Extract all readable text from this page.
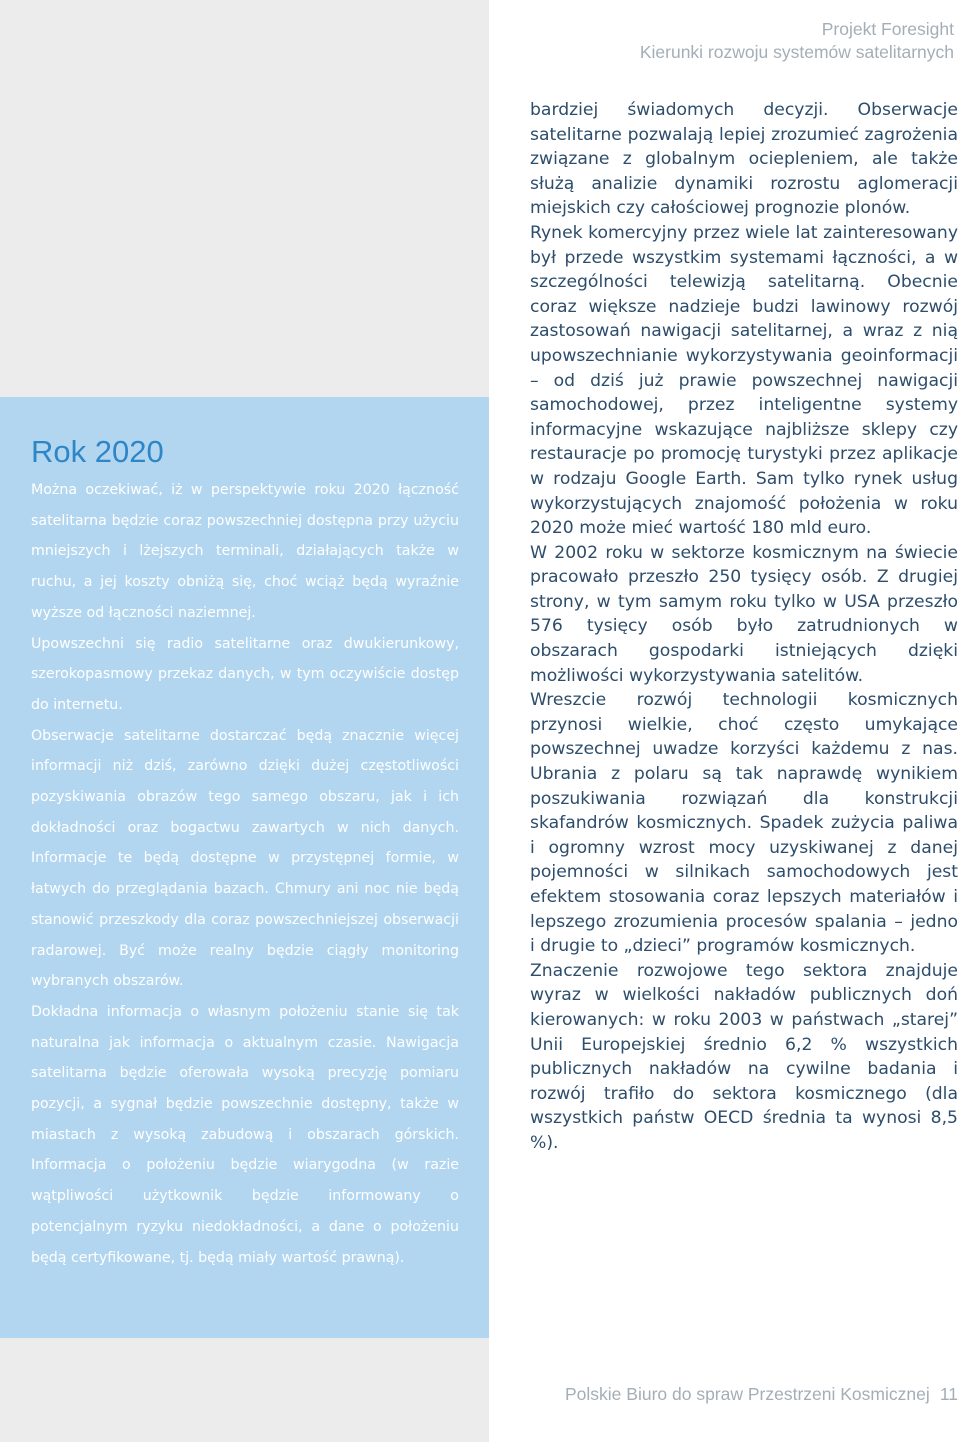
Rok 2020

Można oczekiwać, iż w perspektywie roku 2020 łączność satelitarna będzie coraz powszechniej dostępna przy użyciu mniejszych i lżejszych terminali, działających także w ruchu, a jej koszty obniżą się, choć wciąż będą wyraźnie wyższe od łączności naziemnej.

Upowszechni się radio satelitarne oraz dwukierunkowy, szerokopasmowy przekaz danych, w tym oczywiście dostęp do internetu.

Obserwacje satelitarne dostarczać będą znacznie więcej informacji niż dziś, zarówno dzięki dużej częstotliwości pozyskiwania obrazów tego samego obszaru, jak i ich dokładności oraz bogactwu zawartych w nich danych. Informacje te będą dostępne w przystępnej formie, w łatwych do przeglądania bazach. Chmury ani noc nie będą stanowić przeszkody dla coraz powszechniejszej obserwacji radarowej. Być może realny będzie ciągły monitoring wybranych obszarów.

Dokładna informacja o własnym położeniu stanie się tak naturalna jak informacja o aktualnym czasie. Nawigacja satelitarna będzie oferowała wysoką precyzję pomiaru pozycji, a sygnał będzie powszechnie dostępny, także w miastach z wysoką zabudową i obszarach górskich. Informacja o położeniu będzie wiarygodna (w razie wątpliwości użytkownik będzie informowany o potencjalnym ryzyku niedokładności, a dane o położeniu będą certyfikowane, tj. będą miały wartość prawną).

Projekt Foresight
Kierunki rozwoju systemów satelitarnych

bardziej świadomych decyzji. Obserwacje satelitarne pozwalają lepiej zrozumieć zagrożenia związane z globalnym ociepleniem, ale także służą analizie dynamiki rozrostu aglomeracji miejskich czy całościowej prognozie plonów.

Rynek komercyjny przez wiele lat zainteresowany był przede wszystkim systemami łączności, a w szczególności telewizją satelitarną. Obecnie coraz większe nadzieje budzi lawinowy rozwój zastosowań nawigacji satelitarnej, a wraz z nią upowszechnianie wykorzystywania geoinformacji – od dziś już prawie powszechnej nawigacji samochodowej, przez inteligentne systemy informacyjne wskazujące najbliższe sklepy czy restauracje po promocję turystyki przez aplikacje w rodzaju Google Earth. Sam tylko rynek usług wykorzystujących znajomość położenia w roku 2020 może mieć wartość 180 mld euro.

W 2002 roku w sektorze kosmicznym na świecie pracowało przeszło 250 tysięcy osób. Z drugiej strony, w tym samym roku tylko w USA przeszło 576 tysięcy osób było zatrudnionych w obszarach gospodarki istniejących dzięki możliwości wykorzystywania satelitów.

Wreszcie rozwój technologii kosmicznych przynosi wielkie, choć często umykające powszechnej uwadze korzyści każdemu z nas. Ubrania z polaru są tak naprawdę wynikiem poszukiwania rozwiązań dla konstrukcji skafandrów kosmicznych. Spadek zużycia paliwa i ogromny wzrost mocy uzyskiwanej z danej pojemności w silnikach samochodowych jest efektem stosowania coraz lepszych materiałów i lepszego zrozumienia procesów spalania – jedno i drugie to „dzieci” programów kosmicznych.

Znaczenie rozwojowe tego sektora znajduje wyraz w wielkości nakładów publicznych doń kierowanych: w roku 2003 w państwach „starej” Unii Europejskiej średnio 6,2 % wszystkich publicznych nakładów na cywilne badania i rozwój trafiło do sektora kosmicznego (dla wszystkich państw OECD średnia ta wynosi 8,5 %).

Polskie Biuro do spraw Przestrzeni Kosmicznej 11
